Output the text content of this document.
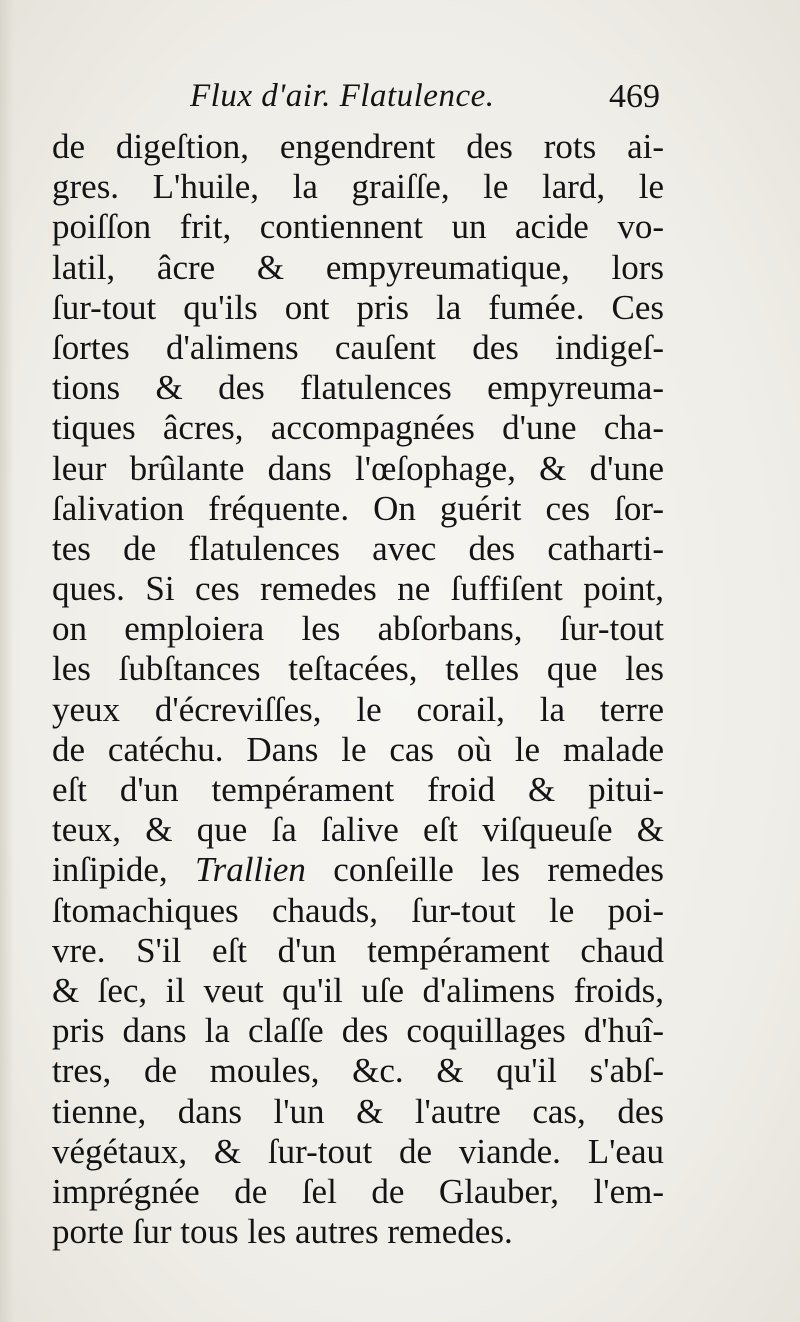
Flux d'air. Flatulence.	469
de digeſtion, engendrent des rots ai-
gres. L'huile, la graiſſe, le lard, le
poiſſon frit, contiennent un acide vo-
latil, âcre & empyreumatique, lors
ſur-tout qu'ils ont pris la fumée. Ces
ſortes d'alimens cauſent des indigeſ-
tions & des flatulences empyreuma-
tiques âcres, accompagnées d'une cha-
leur brûlante dans l'œſophage, & d'une
ſalivation fréquente. On guérit ces ſor-
tes de flatulences avec des catharti-
ques. Si ces remedes ne ſuffiſent point,
on emploiera les abſorbans, ſur-tout
les ſubſtances teſtacées, telles que les
yeux d'écreviſſes, le corail, la terre
de catéchu. Dans le cas où le malade
eſt d'un tempérament froid & pitui-
teux, & que ſa ſalive eſt viſqueuſe &
inſipide, Trallien conſeille les remedes
ſtomachiques chauds, ſur-tout le poi-
vre. S'il eſt d'un tempérament chaud
& ſec, il veut qu'il uſe d'alimens froids,
pris dans la claſſe des coquillages d'huî-
tres, de moules, &c. & qu'il s'abſ-
tienne, dans l'un & l'autre cas, des
végétaux, & ſur-tout de viande. L'eau
imprégnée de ſel de Glauber, l'em-
porte ſur tous les autres remedes.
